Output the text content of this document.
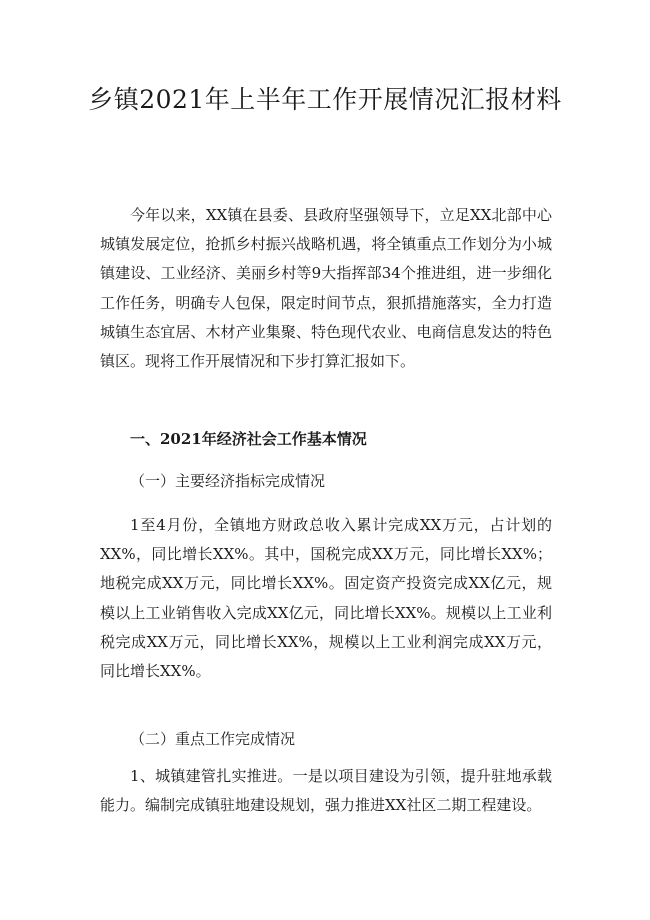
乡镇2021年上半年工作开展情况汇报材料

今年以来，XX镇在县委、县政府坚强领导下，立足XX北部中心城镇发展定位，抢抓乡村振兴战略机遇，将全镇重点工作划分为小城镇建设、工业经济、美丽乡村等9大指挥部34个推进组，进一步细化工作任务，明确专人包保，限定时间节点，狠抓措施落实，全力打造城镇生态宜居、木材产业集聚、特色现代农业、电商信息发达的特色镇区。现将工作开展情况和下步打算汇报如下。

一、2021年经济社会工作基本情况

（一）主要经济指标完成情况

1至4月份，全镇地方财政总收入累计完成XX万元，占计划的XX%，同比增长XX%。其中，国税完成XX万元，同比增长XX%；地税完成XX万元，同比增长XX%。固定资产投资完成XX亿元，规模以上工业销售收入完成XX亿元，同比增长XX%。规模以上工业利税完成XX万元，同比增长XX%，规模以上工业利润完成XX万元，同比增长XX%。

（二）重点工作完成情况

1、城镇建管扎实推进。一是以项目建设为引领，提升驻地承载能力。编制完成镇驻地建设规划，强力推进XX社区二期工程建设。
